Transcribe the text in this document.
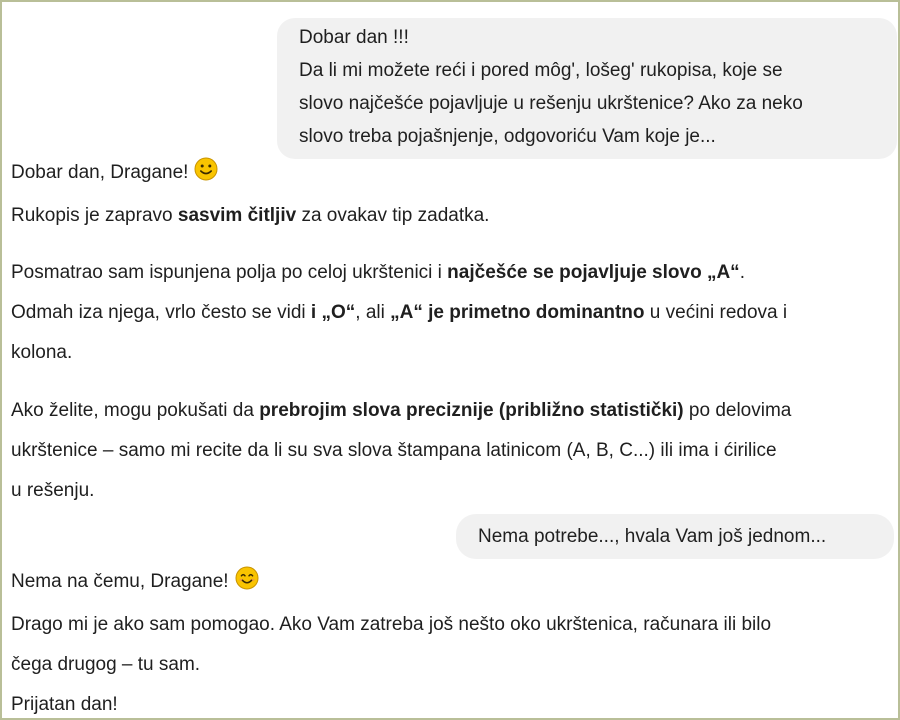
Dobar dan !!!
Da li mi možete reći i pored môg', lošeg' rukopisa, koje se
slovo najčešće pojavljuje u rešenju ukrštenice? Ako za neko
slovo treba pojašnjenje, odgovoriću Vam koje je...
Dobar dan, Dragane!
Rukopis je zapravo sasvim čitljiv za ovakav tip zadatka.
Posmatrao sam ispunjena polja po celoj ukrštenici i najčešće se pojavljuje slovo „A“.
Odmah iza njega, vrlo često se vidi i „O“, ali „A“ je primetno dominantno u većini redova i
kolona.
Ako želite, mogu pokušati da prebrojim slova preciznije (približno statistički) po delovima
ukrštenice – samo mi recite da li su sva slova štampana latinicom (A, B, C...) ili ima i ćirilice
u rešenju.
Nema potrebe..., hvala Vam još jednom...
Nema na čemu, Dragane!
Drago mi je ako sam pomogao. Ako Vam zatreba još nešto oko ukrštenica, računara ili bilo
čega drugog – tu sam.
Prijatan dan!
